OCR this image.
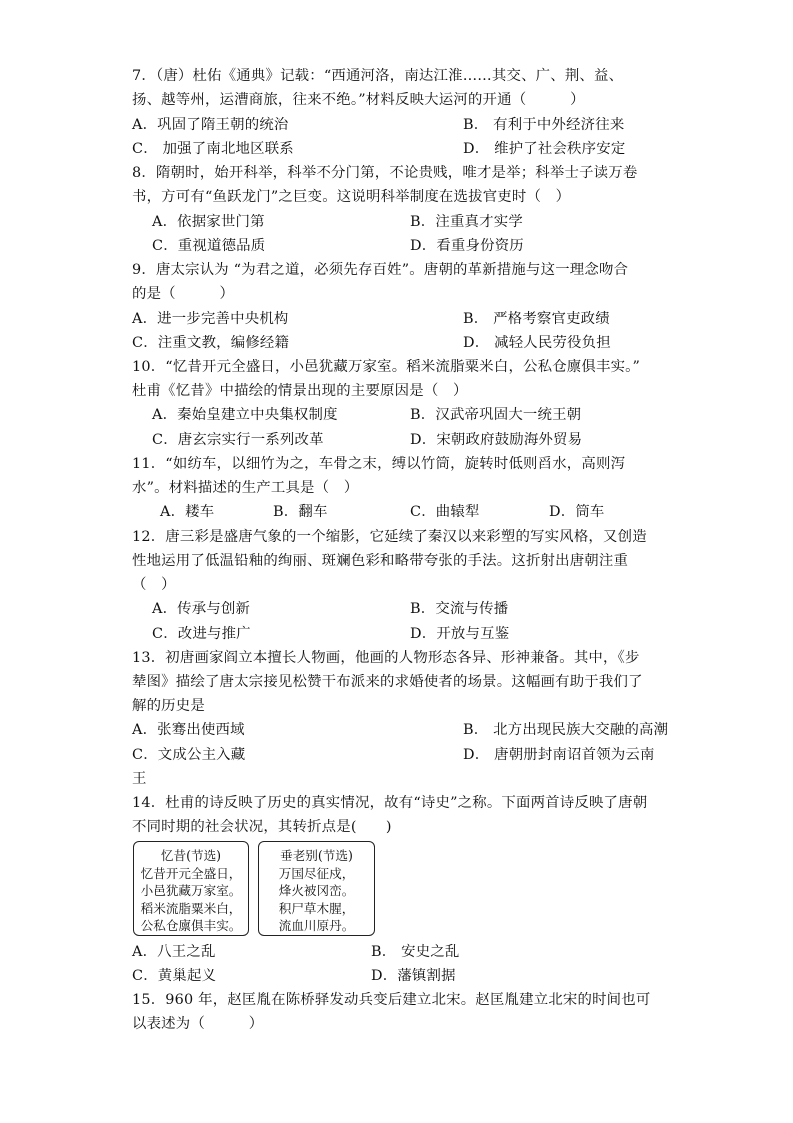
7．（唐）杜佑《通典》记载：“西通河洛，南达江淮……其交、广、荆、益、
扬、越等州，运漕商旅，往来不绝。”材料反映大运河的开通（　　　）
A．巩固了隋王朝的统治	B． 有利于中外经济往来
C． 加强了南北地区联系	D． 维护了社会秩序安定
8．隋朝时，始开科举，科举不分门第，不论贵贱，唯才是举；科举士子读万卷
书，方可有“鱼跃龙门”之巨变。这说明科举制度在选拔官吏时（　）
A．依据家世门第	B．注重真才实学
C．重视道德品质	D．看重身份资历
9．唐太宗认为 “为君之道，必须先存百姓”。唐朝的革新措施与这一理念吻合
的是（　　　）
A．进一步完善中央机构	B． 严格考察官吏政绩
C．注重文教，编修经籍	D． 减轻人民劳役负担
10．“忆昔开元全盛日，小邑犹藏万家室。稻米流脂粟米白，公私仓廪俱丰实。”
杜甫《忆昔》中描绘的情景出现的主要原因是（　）
A．秦始皇建立中央集权制度	B．汉武帝巩固大一统王朝
C．唐玄宗实行一系列改革	D．宋朝政府鼓励海外贸易
11．“如纺车，以细竹为之，车骨之末，缚以竹筒，旋转时低则舀水，高则泻
水”。材料描述的生产工具是（　）
A．耧车	B．翻车	C．曲辕犁	D．筒车
12．唐三彩是盛唐气象的一个缩影，它延续了秦汉以来彩塑的写实风格，又创造
性地运用了低温铅釉的绚丽、斑斓色彩和略带夸张的手法。这折射出唐朝注重
（　）
A．传承与创新	B．交流与传播
C．改进与推广	D．开放与互鉴
13．初唐画家阎立本擅长人物画，他画的人物形态各异、形神兼备。其中，《步
辇图》描绘了唐太宗接见松赞干布派来的求婚使者的场景。这幅画有助于我们了
解的历史是
A．张骞出使西域	B． 北方出现民族大交融的高潮
C．文成公主入藏	D． 唐朝册封南诏首领为云南
王
14．杜甫的诗反映了历史的真实情况，故有“诗史”之称。下面两首诗反映了唐朝
不同时期的社会状况，其转折点是(　　)
忆昔(节选)
忆昔开元全盛日，
小邑犹藏万家室。
稻米流脂粟米白，
公私仓廪俱丰实。
垂老别(节选)
万国尽征戍，
烽火被冈峦。
积尸草木腥，
流血川原丹。
A．八王之乱	B． 安史之乱
C．黄巢起义	D．藩镇割据
15．960 年，赵匡胤在陈桥驿发动兵变后建立北宋。赵匡胤建立北宋的时间也可
以表述为（　　　）
